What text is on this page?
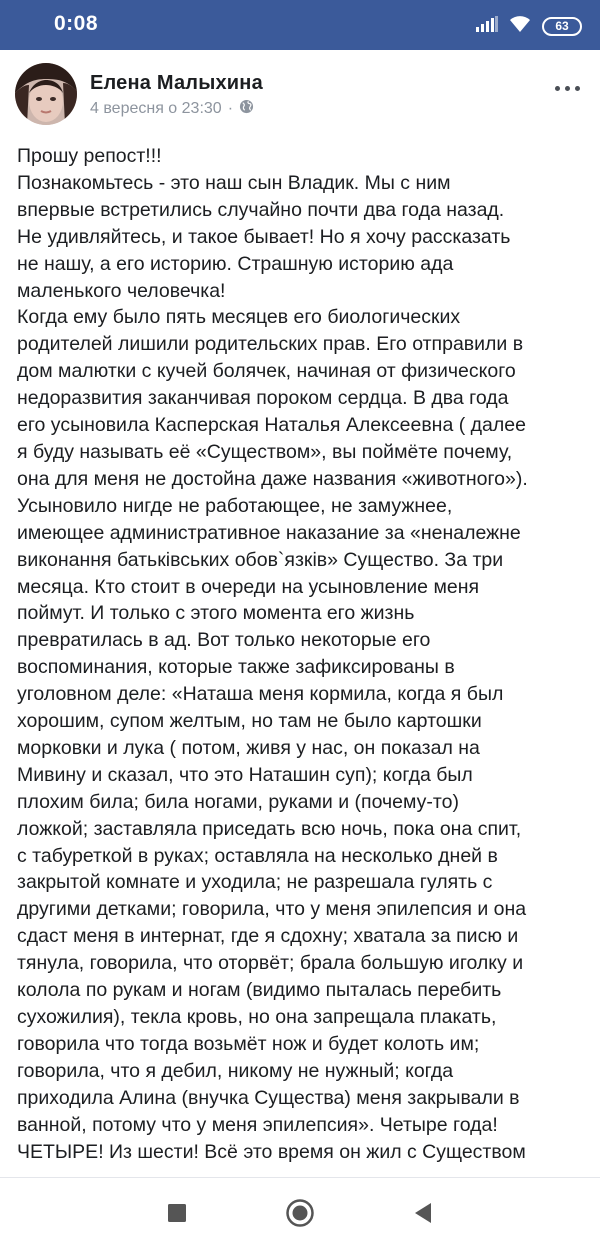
0:08	63
Елена Малыхина
4 вересня о 23:30 ·
Прошу репост!!!
Познакомьтесь - это наш сын Владик. Мы с ним
впервые встретились случайно почти два года назад.
Не удивляйтесь, и такое бывает! Но я хочу рассказать
не нашу, а его историю. Страшную историю ада
маленького человечка!
Когда ему было пять месяцев его биологических
родителей лишили родительских прав. Его отправили в
дом малютки с кучей болячек, начиная от физического
недоразвития заканчивая пороком сердца. В два года
его усыновила Касперская Наталья Алексеевна ( далее
я буду называть её «Существом», вы поймёте почему,
она для меня не достойна даже названия «животного»).
Усыновило нигде не работающее, не замужнее,
имеющее административное наказание за «неналежне
виконання батьківських обов`язків» Существо. За три
месяца. Кто стоит в очереди на усыновление меня
поймут. И только с этого момента его жизнь
превратилась в ад. Вот только некоторые его
воспоминания, которые также зафиксированы в
уголовном деле: «Наташа меня кормила, когда я был
хорошим, супом желтым, но там не было картошки
морковки и лука ( потом, живя у нас, он показал на
Мивину и сказал, что это Наташин суп); когда был
плохим била; била ногами, руками и (почему-то)
ложкой; заставляла приседать всю ночь, пока она спит,
с табуреткой в руках; оставляла на несколько дней в
закрытой комнате и уходила; не разрешала гулять с
другими детками; говорила, что у меня эпилепсия и она
сдаст меня в интернат, где я сдохну; хватала за писю и
тянула, говорила, что оторвёт; брала большую иголку и
колола по рукам и ногам (видимо пыталась перебить
сухожилия), текла кровь, но она запрещала плакать,
говорила что тогда возьмёт нож и будет колоть им;
говорила, что я дебил, никому не нужный; когда
приходила Алина (внучка Существа) меня закрывали в
ванной, потому что у меня эпилепсия». Четыре года!
ЧЕТЫРЕ! Из шести! Всё это время он жил с Существом
